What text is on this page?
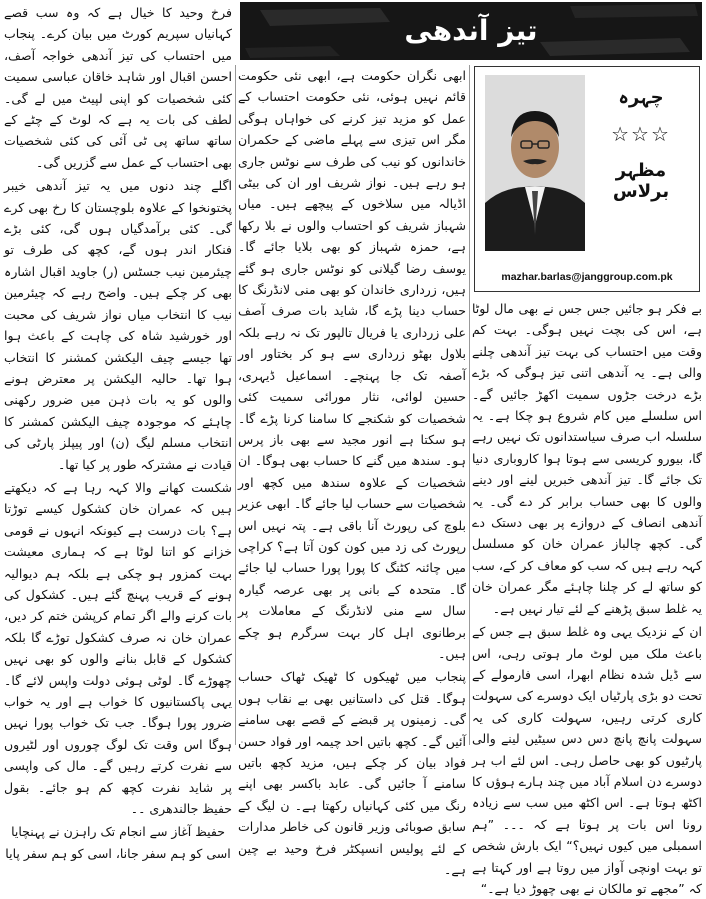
فرخ وحید کا خیال ہے کہ وہ سب قصے کہانیاں سپریم کورٹ میں بیان کرے۔ پنجاب میں احتساب کی تیز آندھی خواجہ آصف، احسن اقبال اور شاہد خاقان عباسی سمیت کئی شخصیات کو اپنی لپیٹ میں لے گی۔ لطف کی بات یہ ہے کہ لوٹ کے چٹے کے ساتھ ساتھ پی ٹی آئی کی کئی شخصیات بھی احتساب کے عمل سے گزریں گی۔

اگلے چند دنوں میں یہ تیز آندھی خیبر پختونخوا کے علاوہ بلوچستان کا رخ بھی کرے گی۔ کئی برآمدگیاں ہوں گی، کئی بڑے فنکار اندر ہوں گے، کچھ کی طرف تو چیئرمین نیب جسٹس (ر) جاوید اقبال اشارہ بھی کر چکے ہیں۔ واضح رہے کہ چیئرمین نیب کا انتخاب میاں نواز شریف کی محبت اور خورشید شاہ کی چاہت کے باعث ہوا تھا جیسے چیف الیکشن کمشنر کا انتخاب ہوا تھا۔ حالیہ الیکشن پر معترض ہونے والوں کو یہ بات ذہن میں ضرور رکھنی چاہئے کہ موجودہ چیف الیکشن کمشنر کا انتخاب مسلم لیگ (ن) اور پیپلز پارٹی کی قیادت نے مشترکہ طور پر کیا تھا۔

شکست کھانے والا کہہ رہا ہے کہ دیکھتے ہیں کہ عمران خان کشکول کیسے توڑتا ہے؟ بات درست ہے کیونکہ انہوں نے قومی خزانے کو اتنا لوٹا ہے کہ ہماری معیشت بہت کمزور ہو چکی ہے بلکہ ہم دیوالیہ ہونے کے قریب پہنچ گئے ہیں۔ کشکول کی بات کرنے والے اگر تمام کرپشن ختم کر دیں، عمران خان نہ صرف کشکول توڑے گا بلکہ کشکول کے قابل بنانے والوں کو بھی نہیں چھوڑے گا۔ لوٹی ہوئی دولت واپس لائے گا۔ یہی پاکستانیوں کا خواب ہے اور یہ خواب ضرور پورا ہوگا۔ جب تک خواب پورا نہیں ہوگا اس وقت تک لوگ چوروں اور لٹیروں سے نفرت کرتے رہیں گے۔ مال کی واپسی پر شاید نفرت کچھ کم ہو جائے۔ بقول حفیظ جالندھری ۔۔

حفیظ آغاز سے انجام تک راہزن نے پہنچایا

اسی کو ہم سفر جانا، اسی کو ہم سفر پایا

تیز آندھی

ابھی نگران حکومت ہے، ابھی نئی حکومت قائم نہیں ہوئی، نئی حکومت احتساب کے عمل کو مزید تیز کرنے کی خواہاں ہوگی مگر اس تیزی سے پہلے ماضی کے حکمران خاندانوں کو نیب کی طرف سے نوٹس جاری ہو رہے ہیں۔ نواز شریف اور ان کی بیٹی اڈیالہ میں سلاخوں کے پیچھے ہیں۔ میاں شہباز شریف کو احتساب والوں نے بلا رکھا ہے، حمزہ شہباز کو بھی بلایا جائے گا۔ یوسف رضا گیلانی کو نوٹس جاری ہو گئے ہیں، زرداری خاندان کو بھی منی لانڈرنگ کا حساب دینا پڑے گا، شاید بات صرف آصف علی زرداری یا فریال تالپور تک نہ رہے بلکہ بلاول بھٹو زرداری سے ہو کر بختاور اور آصفہ تک جا پہنچے۔ اسماعیل ڈیہری، حسین لوائی، نثار مورائی سمیت کئی شخصیات کو شکنجے کا سامنا کرنا پڑے گا۔ ہو سکتا ہے انور مجید سے بھی باز پرس ہو۔ سندھ میں گنے کا حساب بھی ہوگا۔ ان شخصیات کے علاوہ سندھ میں کچھ اور شخصیات سے حساب لیا جائے گا۔ ابھی عزیر بلوچ کی رپورٹ آنا باقی ہے۔ پتہ نہیں اس رپورٹ کی زد میں کون کون آتا ہے؟ کراچی میں چائنہ کٹنگ کا پورا پورا حساب لیا جائے گا۔ متحدہ کے بانی پر بھی عرصہ گیارہ سال سے منی لانڈرنگ کے معاملات پر برطانوی اہل کار بہت سرگرم ہو چکے ہیں۔

پنجاب میں ٹھیکوں کا ٹھیک ٹھاک حساب ہوگا۔ قتل کی داستانیں بھی بے نقاب ہوں گی۔ زمینوں پر قبضے کے قصے بھی سامنے آئیں گے۔ کچھ باتیں احد چیمہ اور فواد حسن فواد بیان کر چکے ہیں، مزید کچھ باتیں سامنے آ جائیں گی۔ عابد باکسر بھی اپنے رنگ میں کئی کہانیاں رکھتا ہے۔ ن لیگ کے سابق صوبائی وزیر قانون کی خاطر مدارات کے لئے پولیس انسپکٹر فرخ وحید بے چین ہے۔

چہرہ
☆☆☆
مظہر برلاس
mazhar.barlas@janggroup.com.pk

بے فکر ہو جائیں جس جس نے بھی مال لوٹا ہے، اس کی بچت نہیں ہوگی۔ بہت کم وقت میں احتساب کی بہت تیز آندھی چلنے والی ہے۔ یہ آندھی اتنی تیز ہوگی کہ بڑے بڑے درخت جڑوں سمیت اکھڑ جائیں گے۔ اس سلسلے میں کام شروع ہو چکا ہے۔ یہ سلسلہ اب صرف سیاستدانوں تک نہیں رہے گا، بیورو کریسی سے ہوتا ہوا کاروباری دنیا تک جائے گا۔ تیز آندھی خبریں لینے اور دینے والوں کا بھی حساب برابر کر دے گی۔ یہ آندھی انصاف کے دروازے پر بھی دستک دے گی۔ کچھ چالباز عمران خان کو مسلسل کہہ رہے ہیں کہ سب کو معاف کر کے، سب کو ساتھ لے کر چلنا چاہئے مگر عمران خان یہ غلط سبق پڑھنے کے لئے تیار نہیں ہے۔

ان کے نزدیک یہی وہ غلط سبق ہے جس کے باعث ملک میں لوٹ مار ہوتی رہی، اس سے ڈیل شدہ نظام ابھرا، اسی فارمولے کے تحت دو بڑی پارٹیاں ایک دوسرے کی سہولت کاری کرتی رہیں، سہولت کاری کی یہ سہولت پانچ پانچ دس دس سیٹیں لینے والی پارٹیوں کو بھی حاصل رہی۔ اس لئے اب ہر دوسرے دن اسلام آباد میں چند ہارے ہوؤں کا اکٹھ ہوتا ہے۔ اس اکٹھ میں سب سے زیادہ رونا اس بات پر ہوتا ہے کہ ۔۔۔ ”ہم اسمبلی میں کیوں نہیں؟“ ایک بارش شخص تو بہت اونچی آواز میں روتا ہے اور کہتا ہے کہ ”مجھے تو مالکان نے بھی چھوڑ دیا ہے۔“
